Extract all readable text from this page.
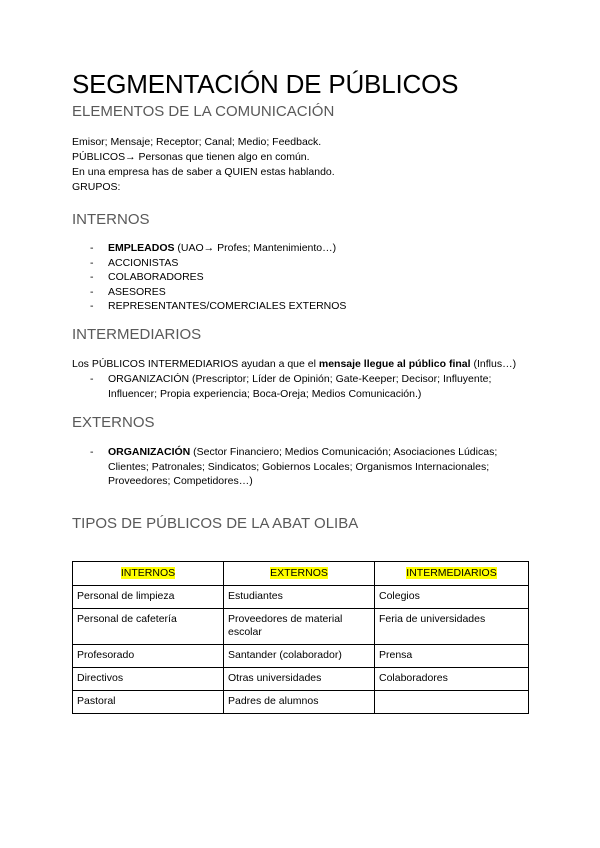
SEGMENTACIÓN DE PÚBLICOS
ELEMENTOS DE LA COMUNICACIÓN

Emisor; Mensaje; Receptor; Canal; Medio; Feedback.

PÚBLICOS→ Personas que tienen algo en común.

En una empresa has de saber a QUIEN estas hablando.

GRUPOS:

INTERNOS
- EMPLEADOS (UAO→ Profes; Mantenimiento…)
- ACCIONISTAS
- COLABORADORES
- ASESORES
- REPRESENTANTES/COMERCIALES EXTERNOS
INTERMEDIARIOS

Los PÚBLICOS INTERMEDIARIOS ayudan a que el mensaje llegue al público final (Influs…)

- ORGANIZACIÓN (Prescriptor; Líder de Opinión; Gate-Keeper; Decisor; Influyente; Influencer; Propia experiencia; Boca-Oreja; Medios Comunicación.)
EXTERNOS
- ORGANIZACIÓN (Sector Financiero; Medios Comunicación; Asociaciones Lúdicas; Clientes; Patronales; Sindicatos; Gobiernos Locales; Organismos Internacionales; Proveedores; Competidores…)
TIPOS DE PÚBLICOS DE LA ABAT OLIBA
INTERNOS	EXTERNOS	INTERMEDIARIOS
Personal de limpieza	Estudiantes	Colegios
Personal de cafetería	Proveedores de material escolar	Feria de universidades
Profesorado	Santander (colaborador)	Prensa
Directivos	Otras universidades	Colaboradores
Pastoral	Padres de alumnos	
